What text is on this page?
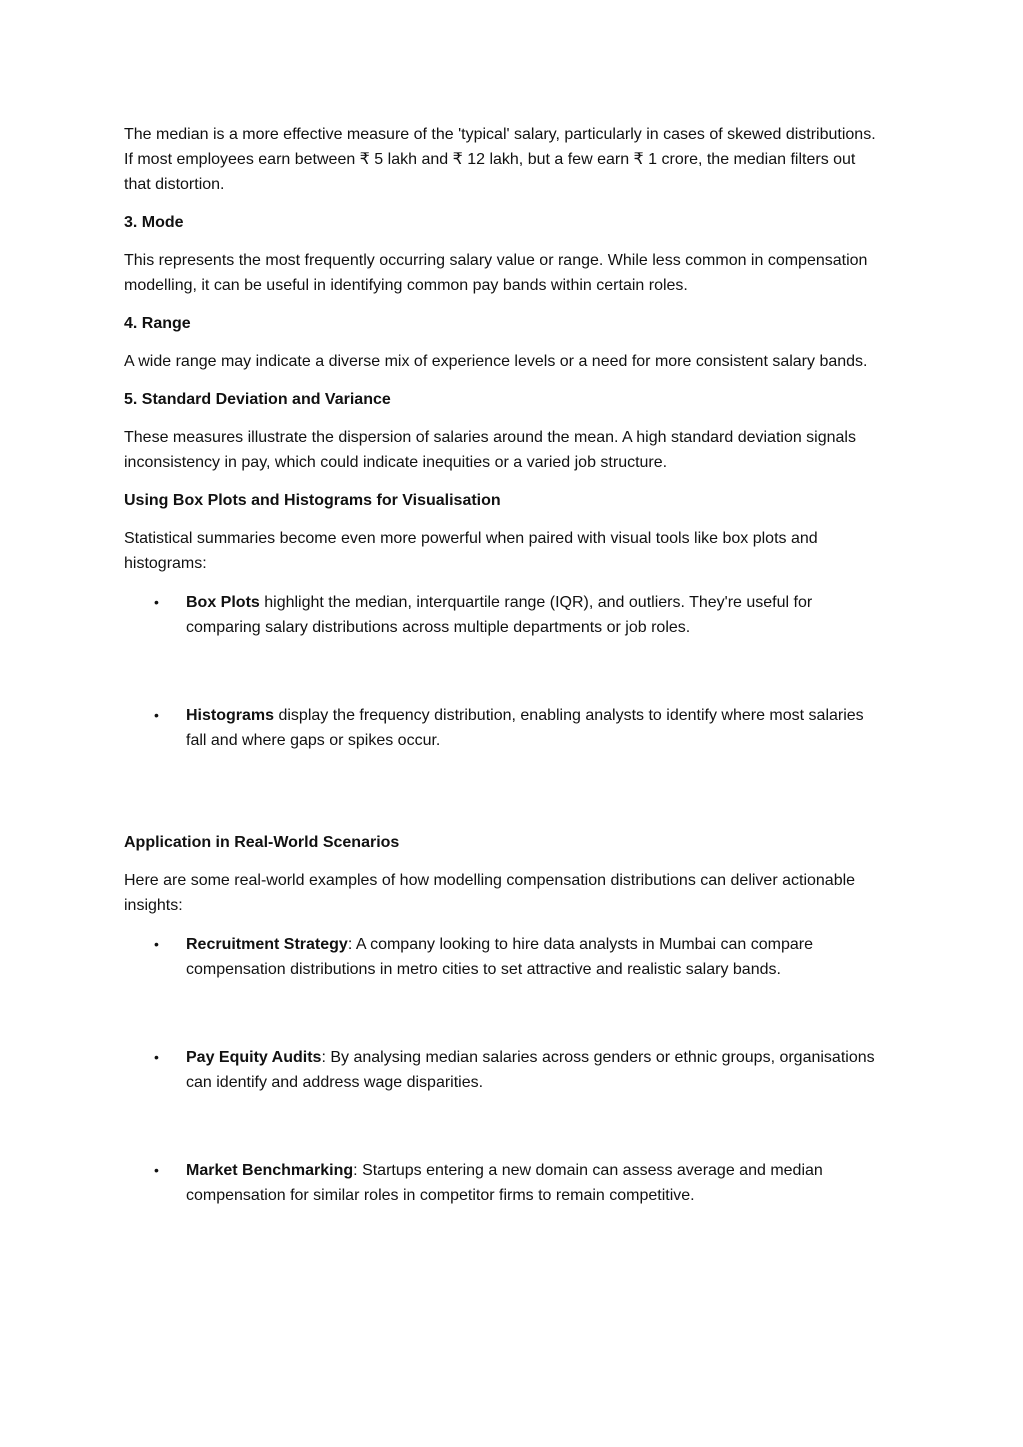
The median is a more effective measure of the 'typical' salary, particularly in cases of skewed distributions. If most employees earn between ₹ 5 lakh and ₹ 12 lakh, but a few earn ₹ 1 crore, the median filters out that distortion.

3. Mode

This represents the most frequently occurring salary value or range. While less common in compensation modelling, it can be useful in identifying common pay bands within certain roles.

4. Range

A wide range may indicate a diverse mix of experience levels or a need for more consistent salary bands.

5. Standard Deviation and Variance

These measures illustrate the dispersion of salaries around the mean. A high standard deviation signals inconsistency in pay, which could indicate inequities or a varied job structure.

Using Box Plots and Histograms for Visualisation

Statistical summaries become even more powerful when paired with visual tools like box plots and histograms:

• Box Plots highlight the median, interquartile range (IQR), and outliers. They're useful for comparing salary distributions across multiple departments or job roles.
• Histograms display the frequency distribution, enabling analysts to identify where most salaries fall and where gaps or spikes occur.

Application in Real-World Scenarios

Here are some real-world examples of how modelling compensation distributions can deliver actionable insights:

• Recruitment Strategy: A company looking to hire data analysts in Mumbai can compare compensation distributions in metro cities to set attractive and realistic salary bands.
• Pay Equity Audits: By analysing median salaries across genders or ethnic groups, organisations can identify and address wage disparities.
• Market Benchmarking: Startups entering a new domain can assess average and median compensation for similar roles in competitor firms to remain competitive.
